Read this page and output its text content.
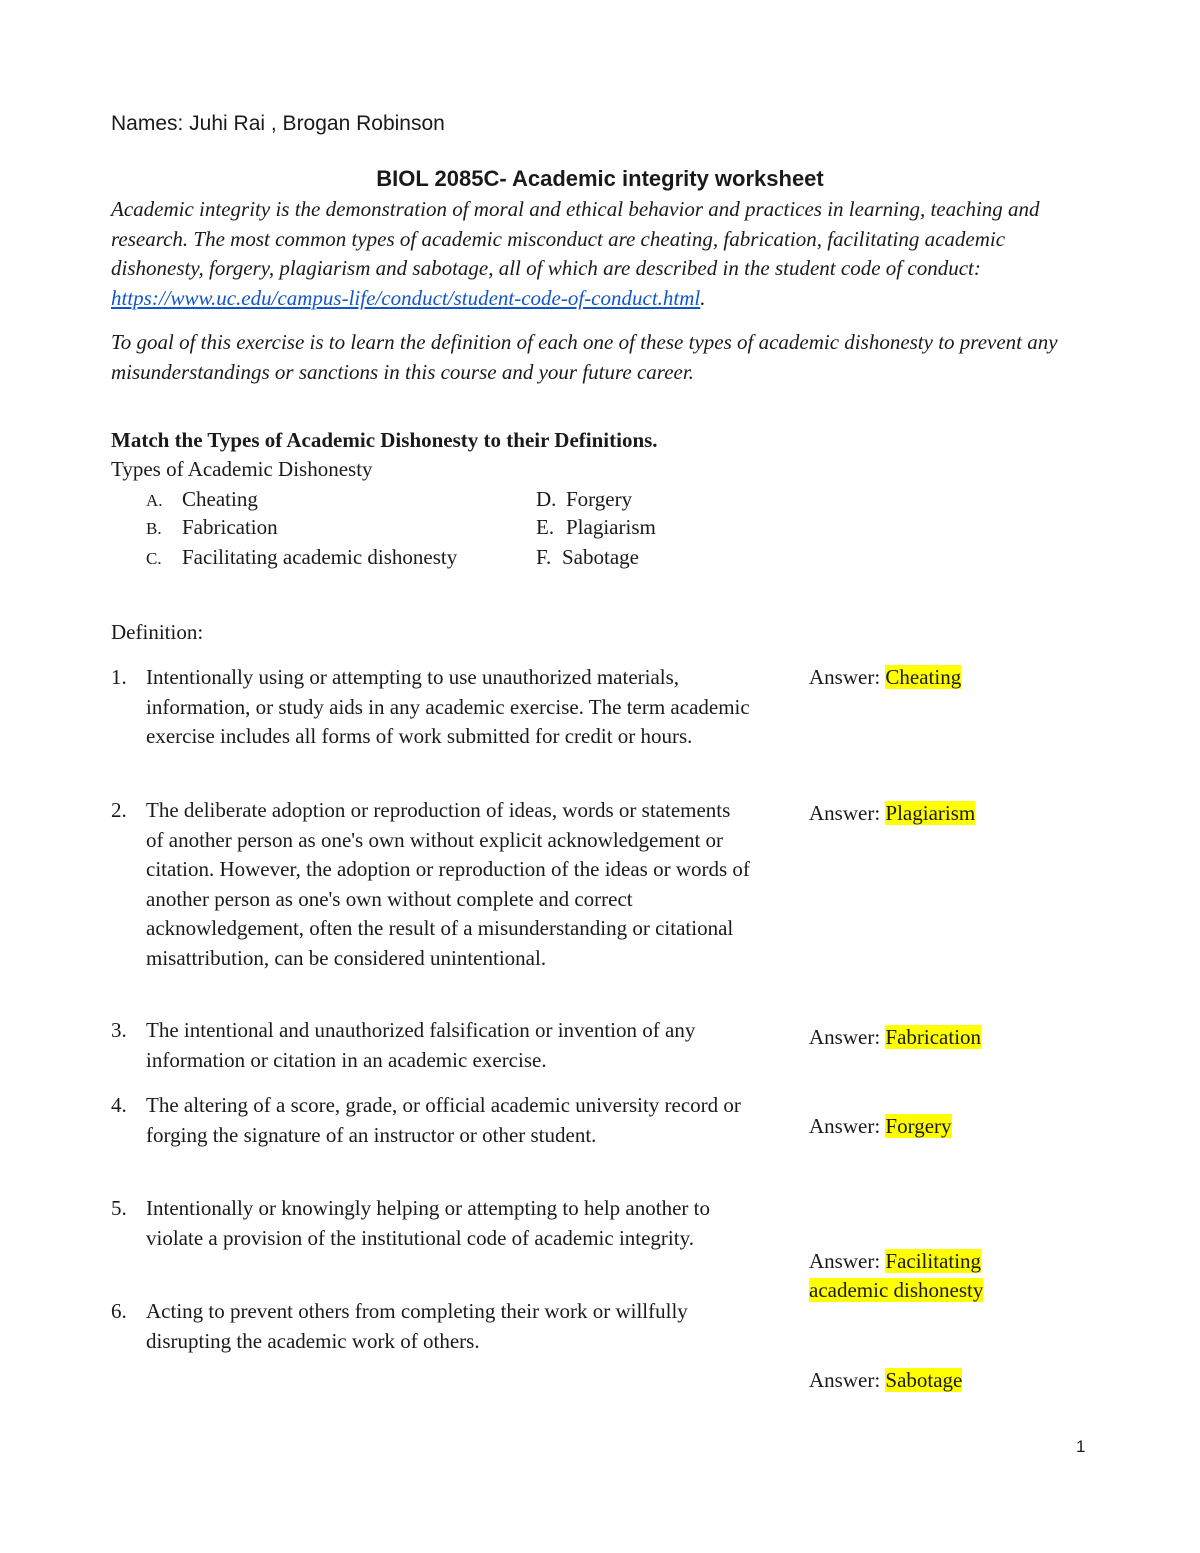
Names: Juhi Rai , Brogan Robinson
BIOL 2085C- Academic integrity worksheet
Academic integrity is the demonstration of moral and ethical behavior and practices in learning, teaching and research. The most common types of academic misconduct are cheating, fabrication, facilitating academic dishonesty, forgery, plagiarism and sabotage, all of which are described in the student code of conduct: https://www.uc.edu/campus-life/conduct/student-code-of-conduct.html.
To goal of this exercise is to learn the definition of each one of these types of academic dishonesty to prevent any misunderstandings or sanctions in this course and your future career.
Match the Types of Academic Dishonesty to their Definitions.
Types of Academic Dishonesty
A. Cheating
B. Fabrication
C. Facilitating academic dishonesty
D. Forgery
E. Plagiarism
F. Sabotage
Definition:
1. Intentionally using or attempting to use unauthorized materials, information, or study aids in any academic exercise. The term academic exercise includes all forms of work submitted for credit or hours.
Answer: Cheating
2. The deliberate adoption or reproduction of ideas, words or statements of another person as one's own without explicit acknowledgement or citation. However, the adoption or reproduction of the ideas or words of another person as one's own without complete and correct acknowledgement, often the result of a misunderstanding or citational misattribution, can be considered unintentional.
Answer: Plagiarism
3. The intentional and unauthorized falsification or invention of any information or citation in an academic exercise.
Answer: Fabrication
4. The altering of a score, grade, or official academic university record or forging the signature of an instructor or other student.	Answer: Forgery
5. Intentionally or knowingly helping or attempting to help another to violate a provision of the institutional code of academic integrity.
Answer: Facilitating academic dishonesty
6. Acting to prevent others from completing their work or willfully disrupting the academic work of others.
Answer: Sabotage
1
